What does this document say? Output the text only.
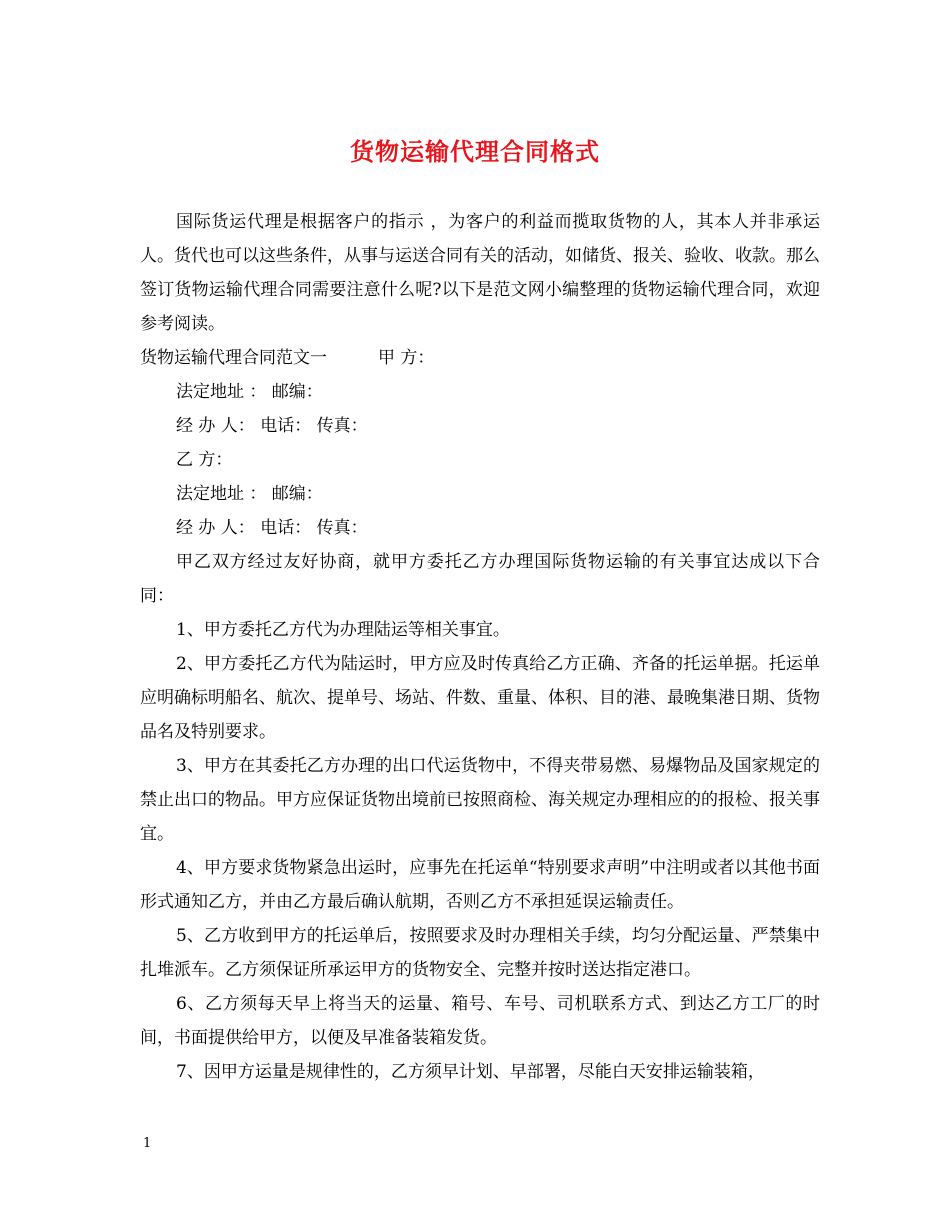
货物运输代理合同格式

国际货运代理是根据客户的指示 ，为客户的利益而揽取货物的人，其本人并非承运人。货代也可以这些条件，从事与运送合同有关的活动，如储货、报关、验收、收款。那么签订货物运输代理合同需要注意什么呢?以下是范文网小编整理的货物运输代理合同，欢迎参考阅读。

货物运输代理合同范文一　　　甲 方：

法定地址 ： 邮编：

经 办 人： 电话： 传真：

乙 方：

法定地址 ： 邮编：

经 办 人： 电话： 传真：

甲乙双方经过友好协商，就甲方委托乙方办理国际货物运输的有关事宜达成以下合同：

1、甲方委托乙方代为办理陆运等相关事宜。

2、甲方委托乙方代为陆运时，甲方应及时传真给乙方正确、齐备的托运单据。托运单应明确标明船名、航次、提单号、场站、件数、重量、体积、目的港、最晚集港日期、货物品名及特别要求。

3、甲方在其委托乙方办理的出口代运货物中，不得夹带易燃、易爆物品及国家规定的禁止出口的物品。甲方应保证货物出境前已按照商检、海关规定办理相应的的报检、报关事宜。

4、甲方要求货物紧急出运时，应事先在托运单“特别要求声明”中注明或者以其他书面形式通知乙方，并由乙方最后确认航期，否则乙方不承担延误运输责任。

5、乙方收到甲方的托运单后，按照要求及时办理相关手续，均匀分配运量、严禁集中扎堆派车。乙方须保证所承运甲方的货物安全、完整并按时送达指定港口。

6、乙方须每天早上将当天的运量、箱号、车号、司机联系方式、到达乙方工厂的时间，书面提供给甲方，以便及早准备装箱发货。

7、因甲方运量是规律性的，乙方须早计划、早部署，尽能白天安排运输装箱，

1
